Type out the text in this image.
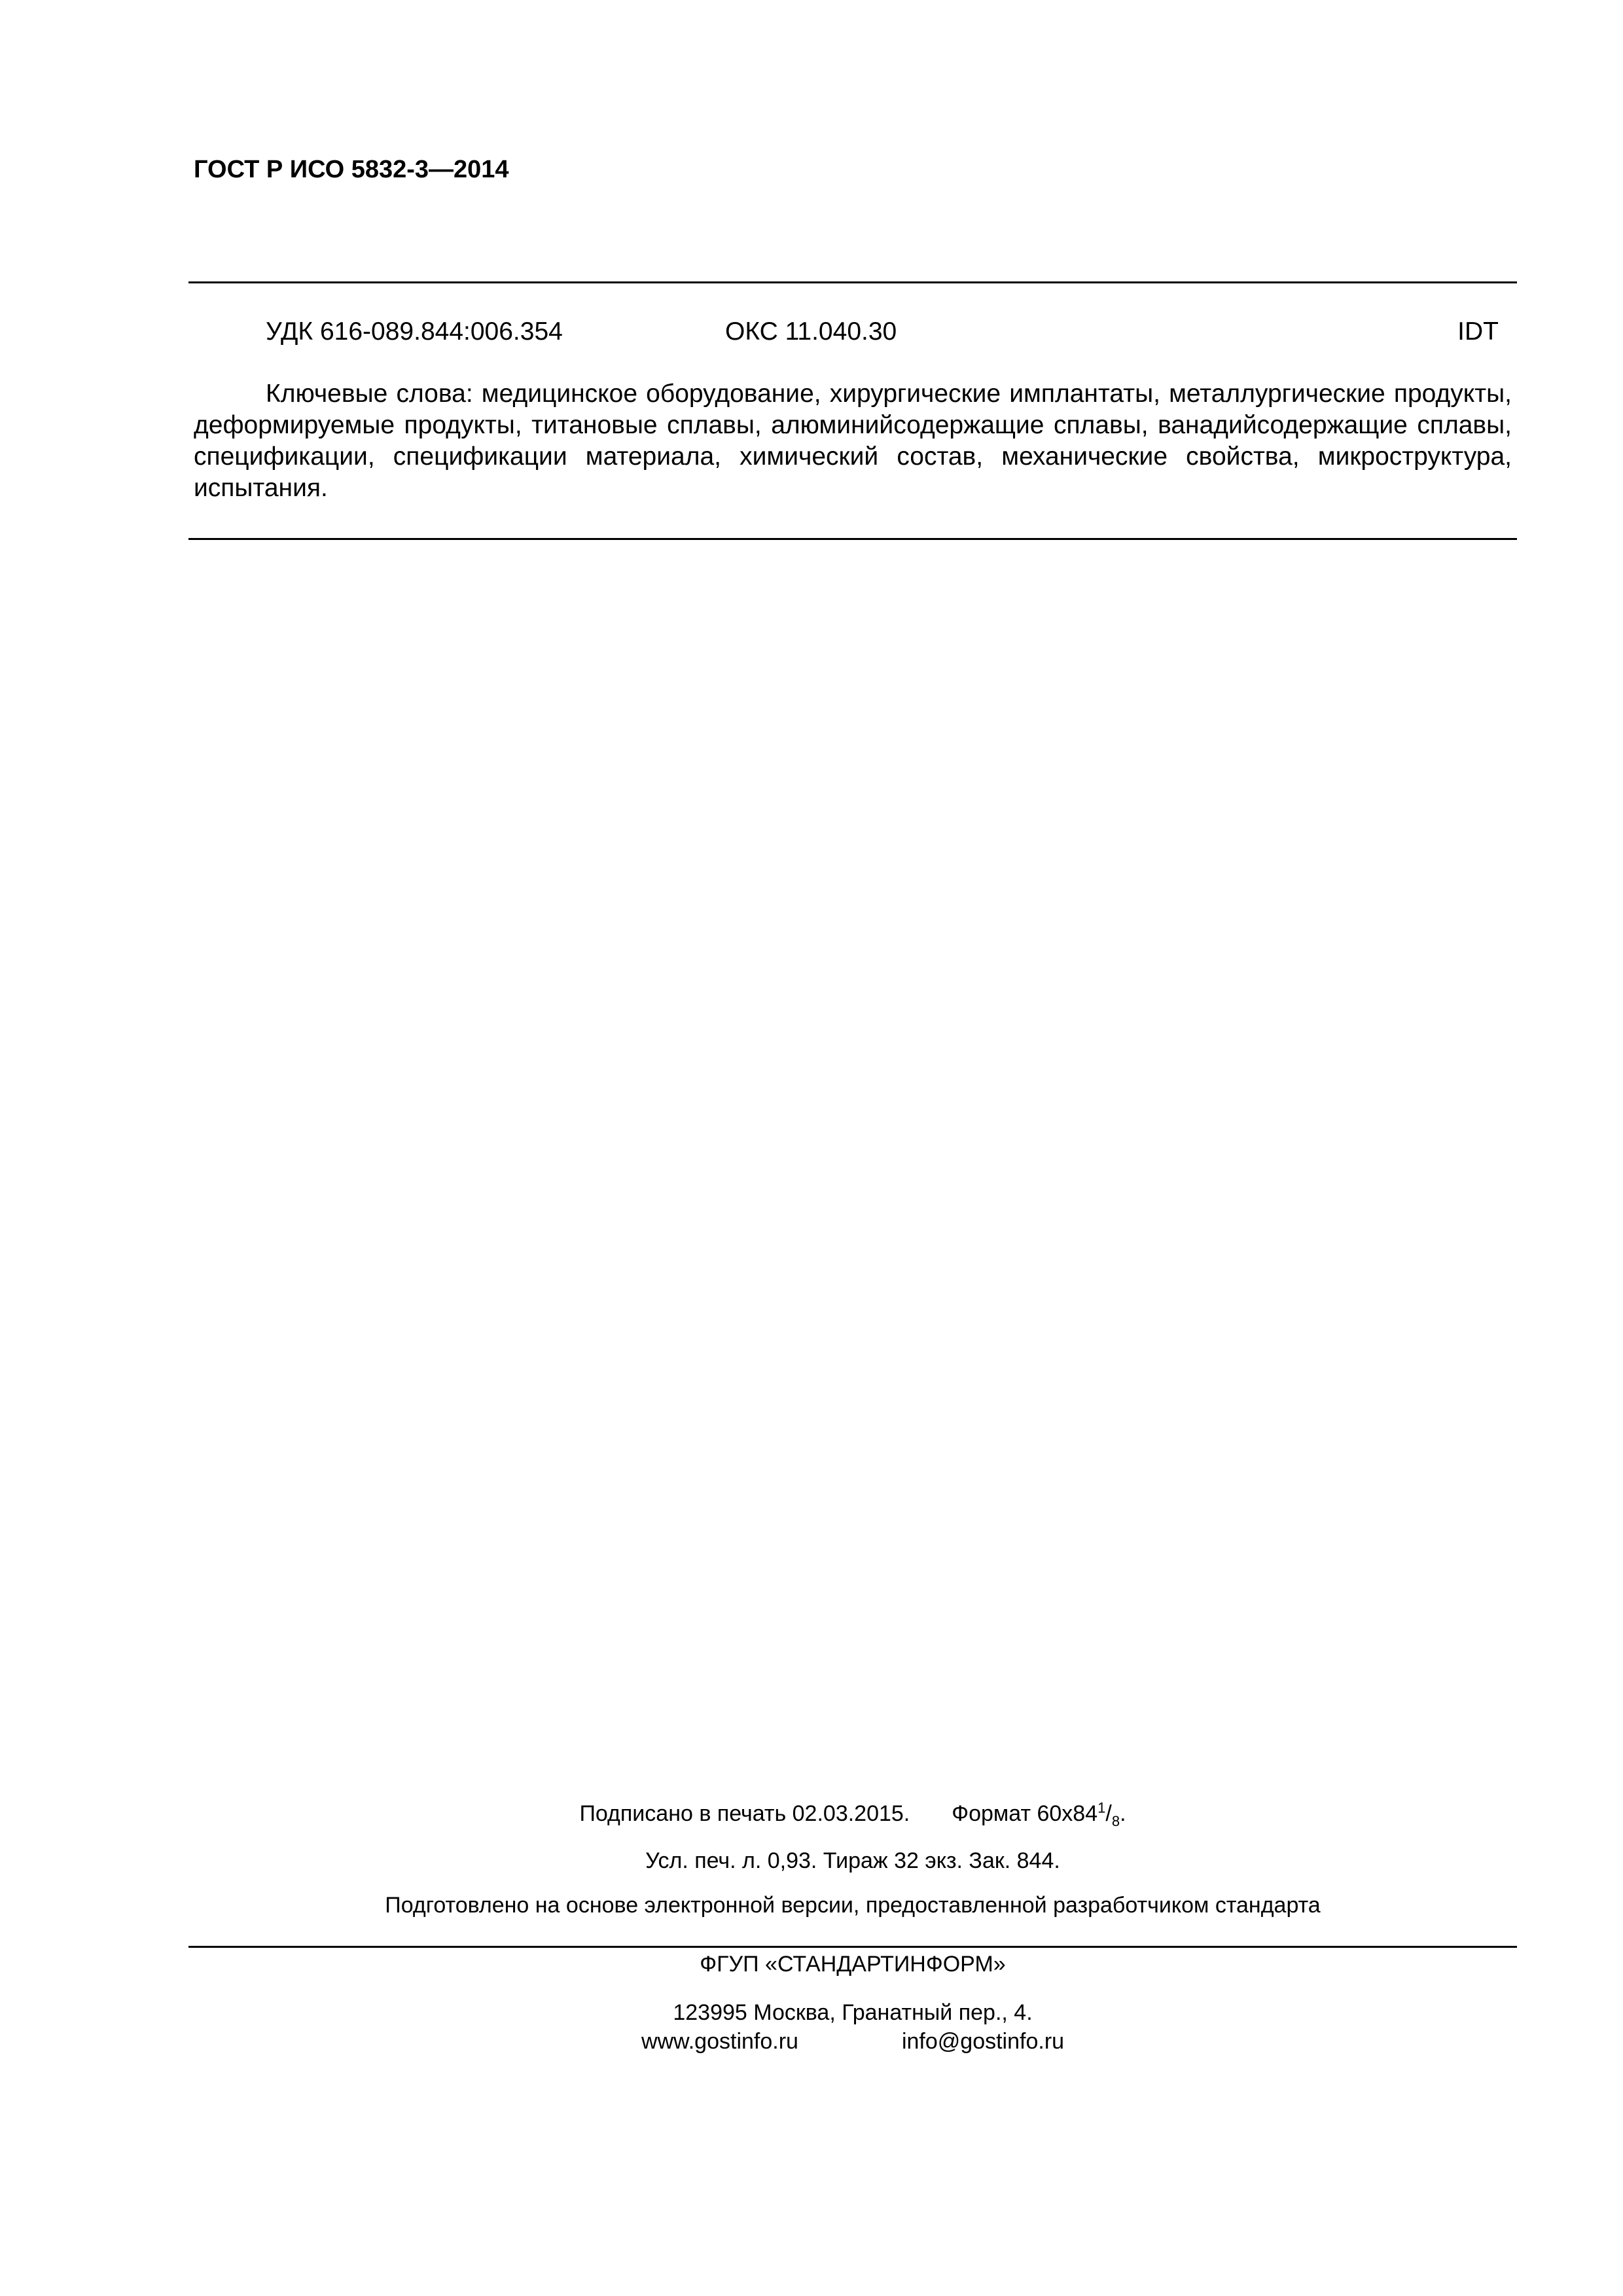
ГОСТ Р ИСО 5832-3—2014
УДК 616-089.844:006.354	ОКС 11.040.30	IDT
Ключевые слова: медицинское оборудование, хирургические имплантаты, металлургические продукты, деформируемые продукты, титановые сплавы, алюминийсодержащие сплавы, ванадийсодержащие сплавы, спецификации, спецификации материала, химический состав, механические свойства, микроструктура, испытания.
Подписано в печать 02.03.2015. Формат $60x84^1/_8$.
Усл. печ. л. 0,93. Тираж 32 экз. Зак. 844.
Подготовлено на основе электронной версии, предоставленной разработчиком стандарта
ФГУП «СТАНДАРТИНФОРМ»
123995 Москва, Гранатный пер., 4.
www.gostinfo.ru	info@gostinfo.ru
